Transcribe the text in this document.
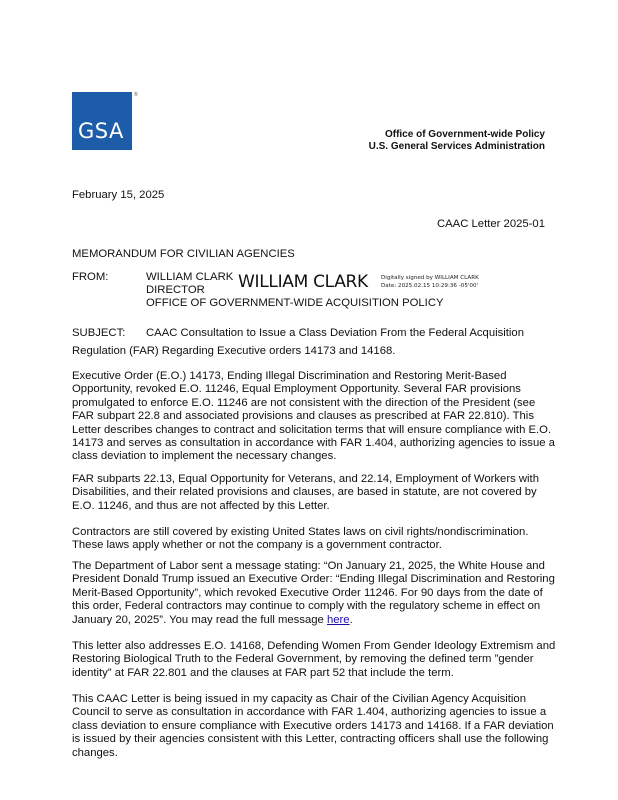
GSA
®
Office of Government-wide Policy
U.S. General Services Administration
February 15, 2025
CAAC Letter 2025-01
MEMORANDUM FOR CIVILIAN AGENCIES
FROM:	WILLIAM CLARK
DIRECTOR
OFFICE OF GOVERNMENT-WIDE ACQUISITION POLICY
WILLIAM CLARK Digitally signed by WILLIAM CLARK
Date: 2025.02.15 10:29:36 -05'00'
SUBJECT: CAAC Consultation to Issue a Class Deviation From the Federal Acquisition
Regulation (FAR) Regarding Executive orders 14173 and 14168.
Executive Order (E.O.) 14173, Ending Illegal Discrimination and Restoring Merit-Based Opportunity, revoked E.O. 11246, Equal Employment Opportunity. Several FAR provisions promulgated to enforce E.O. 11246 are not consistent with the direction of the President (see FAR subpart 22.8 and associated provisions and clauses as prescribed at FAR 22.810). This Letter describes changes to contract and solicitation terms that will ensure compliance with E.O. 14173 and serves as consultation in accordance with FAR 1.404, authorizing agencies to issue a class deviation to implement the necessary changes.
FAR subparts 22.13, Equal Opportunity for Veterans, and 22.14, Employment of Workers with Disabilities, and their related provisions and clauses, are based in statute, are not covered by E.O. 11246, and thus are not affected by this Letter.
Contractors are still covered by existing United States laws on civil rights/nondiscrimination. These laws apply whether or not the company is a government contractor.
The Department of Labor sent a message stating: “On January 21, 2025, the White House and President Donald Trump issued an Executive Order: “Ending Illegal Discrimination and Restoring Merit-Based Opportunity”, which revoked Executive Order 11246. For 90 days from the date of this order, Federal contractors may continue to comply with the regulatory scheme in effect on January 20, 2025”. You may read the full message here.
This letter also addresses E.O. 14168, Defending Women From Gender Ideology Extremism and Restoring Biological Truth to the Federal Government, by removing the defined term ”gender identity” at FAR 22.801 and the clauses at FAR part 52 that include the term.
This CAAC Letter is being issued in my capacity as Chair of the Civilian Agency Acquisition Council to serve as consultation in accordance with FAR 1.404, authorizing agencies to issue a class deviation to ensure compliance with Executive orders 14173 and 14168. If a FAR deviation is issued by their agencies consistent with this Letter, contracting officers shall use the following changes.
